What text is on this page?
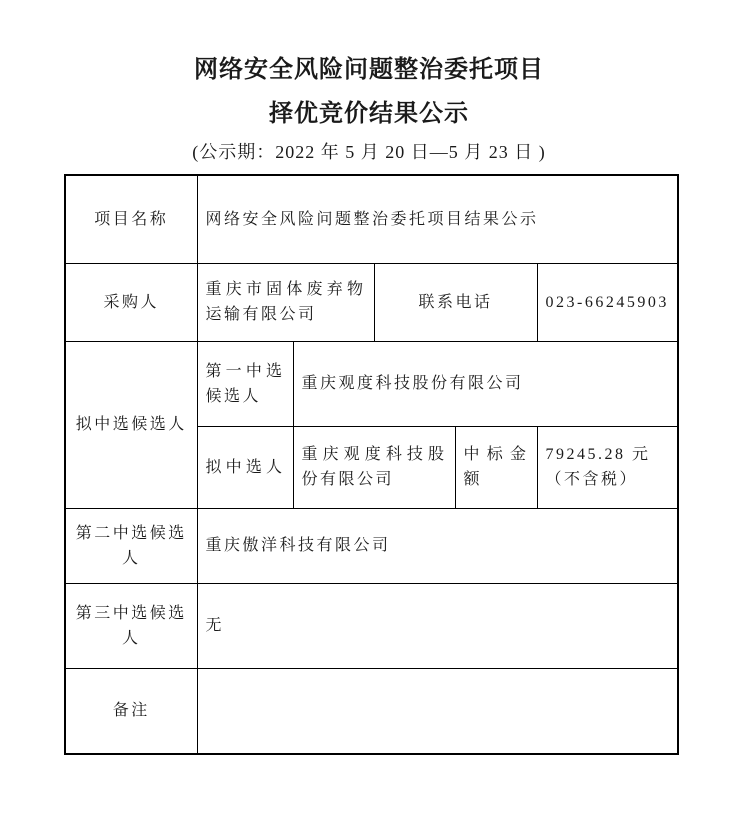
网络安全风险问题整治委托项目
择优竞价结果公示
(公示期：2022 年 5 月 20 日—5 月 23 日 )
项目名称	网络安全风险问题整治委托项目结果公示				
采购人	重庆市固体废弃物运输有限公司		联系电话		023-66245903
拟中选候选人	第一中选候选人	重庆观度科技股份有限公司			
	拟中选人	重庆观度科技股份有限公司		中标金额	79245.28 元
（不含税）

第二中选候选人	重庆傲洋科技有限公司				
第三中选候选人	无				
备注					
